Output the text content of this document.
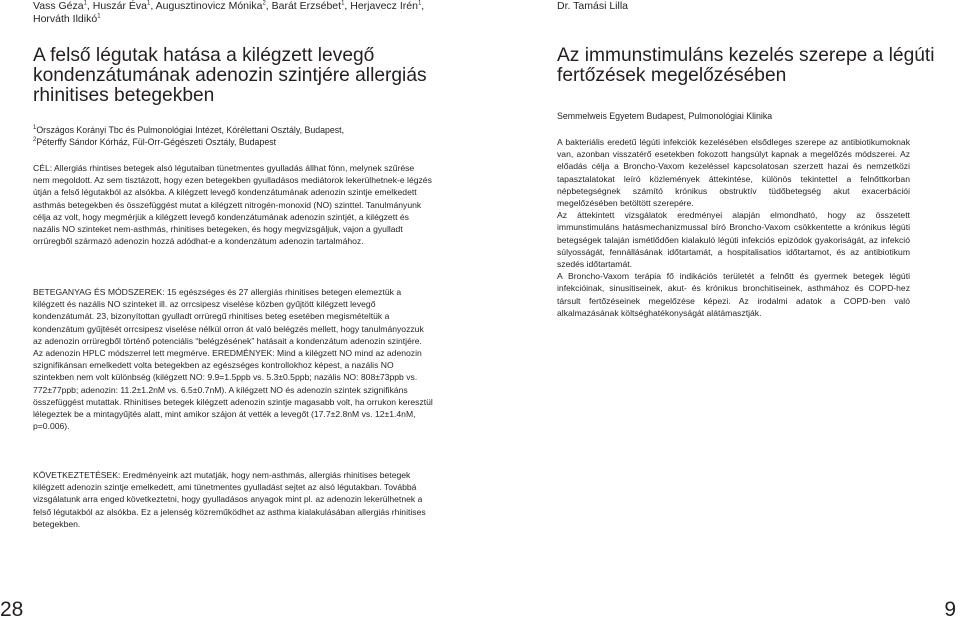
Vass Géza$^1$, Huszár Éva$^1$, Augusztinovicz Mónika$^2$, Barát Erzsébet$^1$, Herjavecz Irén$^1$,
Horváth Ildikó$^1$
A felső légutak hatása a kilégzett levegő kondenzátumának adenozin szintjére allergiás rhinitises betegekben
$^1$Országos Korányi Tbc és Pulmonológiai Intézet, Kórélettani Osztály, Budapest,
$^2$Péterffy Sándor Kórház, Fül-Orr-Gégészeti Osztály, Budapest

CÉL: Allergiás rhintises betegek alsó légutaiban tünetmentes gyulladás állhat fönn, melynek szűrése nem megoldott. Az sem tisztázott, hogy ezen betegekben gyulladásos mediátorok lekerülhetnek-e légzés útján a felső légutakból az alsókba. A kilégzett levegő kondenzátumának adenozin szintje emelkedett asthmás betegekben és összefüggést mutat a kilégzett nitrogén-monoxid (NO) szinttel. Tanulmányunk célja az volt, hogy megmérjük a kilégzett levegő kondenzátumának adenozin szintjét, a kilégzett és nazális NO szinteket nem-asthmás, rhinitises betegeken, és hogy megvizsgáljuk, vajon a gyulladt orrüregből származó adenozin hozzá adódhat-e a kondenzátum adenozin tartalmához.

BETEGANYAG ÉS MÓDSZEREK: 15 egészséges és 27 allergiás rhinitises betegen elemeztük a kilégzett és nazális NO szinteket ill. az orrcsipesz viselése közben gyűjtött kilégzett levegő kondenzátumát. 23, bizonyítottan gyulladt orrüregű rhinitises beteg esetében megismételtük a kondenzátum gyűjtését orrcsipesz viselése nélkül orron át való belégzés mellett, hogy tanulmányozzuk az adenozin orrüregből történő potenciális “belégzésének” hatásait a kondenzátum adenozin szintjére. Az adenozin HPLC módszerrel lett megmérve. EREDMÉNYEK: Mind a kilégzett NO mind az adenozin szignifikánsan emelkedett volta betegekben az egészséges kontrollokhoz képest, a nazális NO szintekben nem volt különbség (kilégzett NO: 9.9=1.5ppb vs. 5.3±0.5ppb; nazális NO: 808±73ppb vs. 772±77ppb; adenozin: 11.2±1.2nM vs. 6.5±0.7nM). A kilégzett NO és adenozin szintek szignifikáns összefüggést mutattak. Rhinitises betegek kilégzett adenozin szintje magasabb volt, ha orrukon keresztül lélegeztek be a mintagyűjtés alatt, mint amikor szájon át vették a levegőt (17.7±2.8nM vs. 12±1.4nM, p=0.006).

KÖVETKEZTETÉSEK: Eredményeink azt mutatják, hogy nem-asthmás, allergiás rhinitises betegek kilégzett adenozin szintje emelkedett, ami tünetmentes gyulladást sejtet az alsó légutakban. Továbbá vizsgálatunk arra enged következtetni, hogy gyulladásos anyagok mint pl. az adenozin lekerülhetnek a felső légutakból az alsókba. Ez a jelenség közreműködhet az asthma kialakulásában allergiás rhinitises betegekben.

28
Dr. Tamási Lilla
Az immunstimuláns kezelés szerepe a légúti fertőzések megelőzésében
Semmelweis Egyetem Budapest, Pulmonológiai Klinika

A bakteriális eredetű légúti infekciók kezelésében elsődleges szerepe az antibiotikumoknak van, azonban visszatérő esetekben fokozott hangsúlyt kapnak a megelőzés módszerei. Az előadás célja a Broncho-Vaxom kezeléssel kapcsolatosan szerzett hazai és nemzetközi tapasztalatokat leíró közlemények áttekintése, különös tekintettel a felnőttkorban népbetegségnek számító krónikus obstruktív tüdőbetegség akut exacerbációi megelőzésében betöltött szerepére.

Az áttekintett vizsgálatok eredményei alapján elmondható, hogy az összetett immunstimuláns hatásmechanizmussal bíró Broncho-Vaxom csökkentette a krónikus légúti betegségek talaján ismétlődően kialakuló légúti infekciós epizódok gyakoriságát, az infekció súlyosságát, fennállásának időtartamát, a hospitalisatios időtartamot, és az antibiotikum szedés időtartamát.

A Broncho-Vaxom terápia fő indikációs területét a felnőtt és gyermek betegek légúti infekcióinak, sinusitiseinek, akut- és krónikus bronchitiseinek, asthmához és COPD-hez társult fertőzéseinek megelőzése képezi. Az irodalmi adatok a COPD-ben való alkalmazásának költséghatékonyságát alátámasztják.

9
